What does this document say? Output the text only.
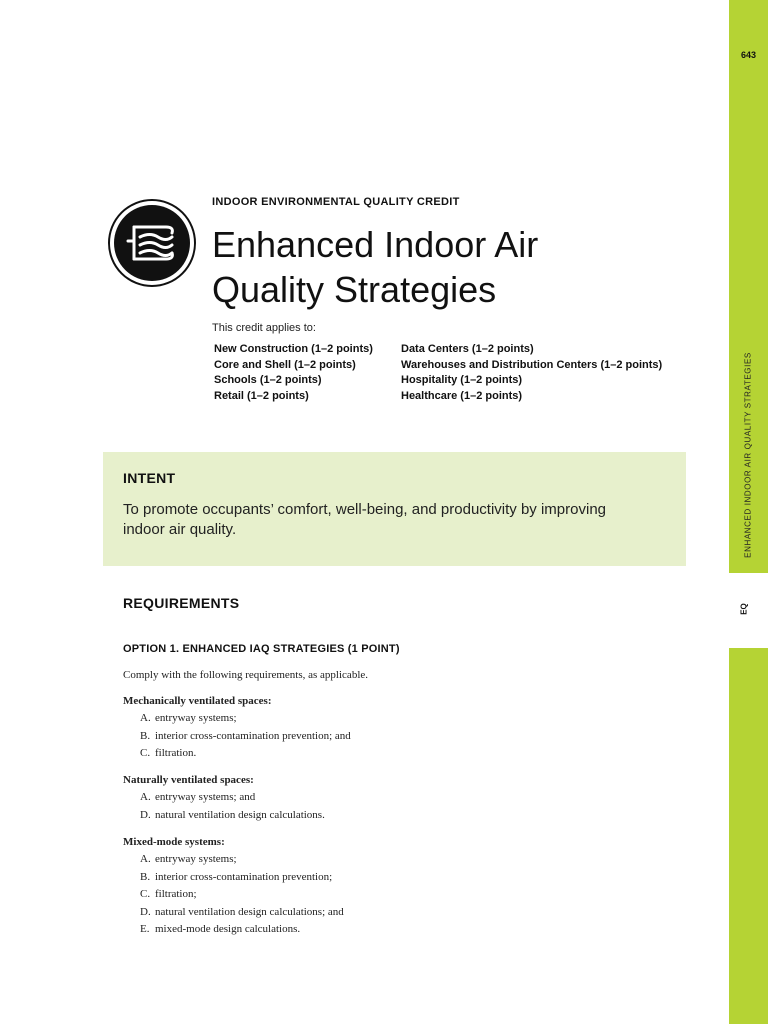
643
ENHANCED INDOOR AIR QUALITY STRATEGIES
EQ
INDOOR ENVIRONMENTAL QUALITY CREDIT
Enhanced Indoor Air
Quality Strategies
This credit applies to:
New Construction (1–2 points)
Core and Shell (1–2 points)
Schools (1–2 points)
Retail (1–2 points)
Data Centers (1–2 points)
Warehouses and Distribution Centers (1–2 points)
Hospitality (1–2 points)
Healthcare (1–2 points)
INTENT
To promote occupants’ comfort, well-being, and productivity by improving indoor air quality.
REQUIREMENTS
OPTION 1. ENHANCED IAQ STRATEGIES (1 POINT)
Comply with the following requirements, as applicable.
Mechanically ventilated spaces:
A. entryway systems;
B. interior cross-contamination prevention; and
C. filtration.
Naturally ventilated spaces:
A. entryway systems; and
D. natural ventilation design calculations.
Mixed-mode systems:
A. entryway systems;
B. interior cross-contamination prevention;
C. filtration;
D. natural ventilation design calculations; and
E. mixed-mode design calculations.
